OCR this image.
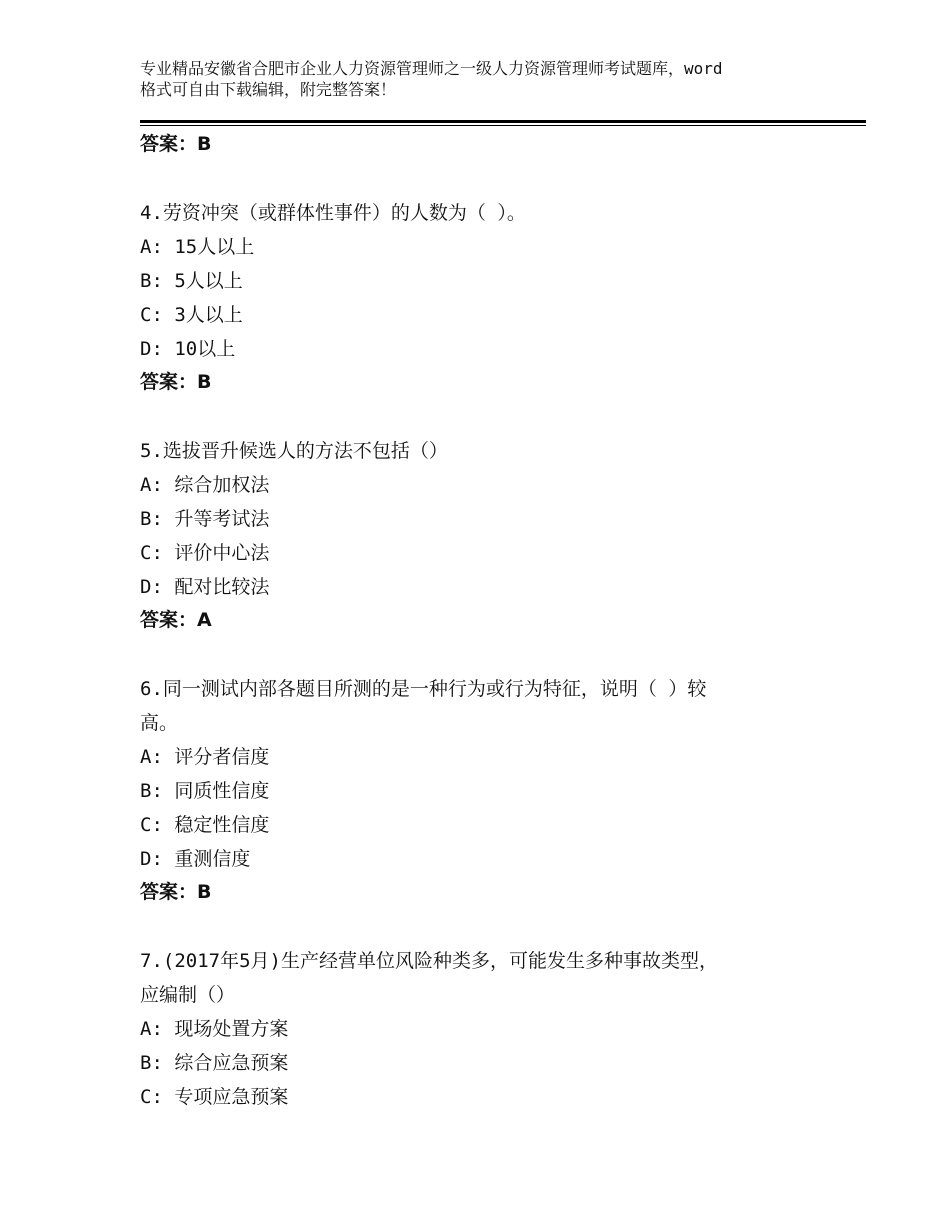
专业精品安徽省合肥市企业人力资源管理师之一级人力资源管理师考试题库，word
格式可自由下载编辑，附完整答案！

答案：B

4.劳资冲突（或群体性事件）的人数为（ ）。

A: 15人以上

B: 5人以上

C: 3人以上

D: 10以上

答案：B

5.选拔晋升候选人的方法不包括（）

A: 综合加权法

B: 升等考试法

C: 评价中心法

D: 配对比较法

答案：A

6.同一测试内部各题目所测的是一种行为或行为特征，说明（ ）较

高。

A: 评分者信度

B: 同质性信度

C: 稳定性信度

D: 重测信度

答案：B

7.(2017年5月)生产经营单位风险种类多，可能发生多种事故类型，

应编制（）

A: 现场处置方案

B: 综合应急预案

C: 专项应急预案
